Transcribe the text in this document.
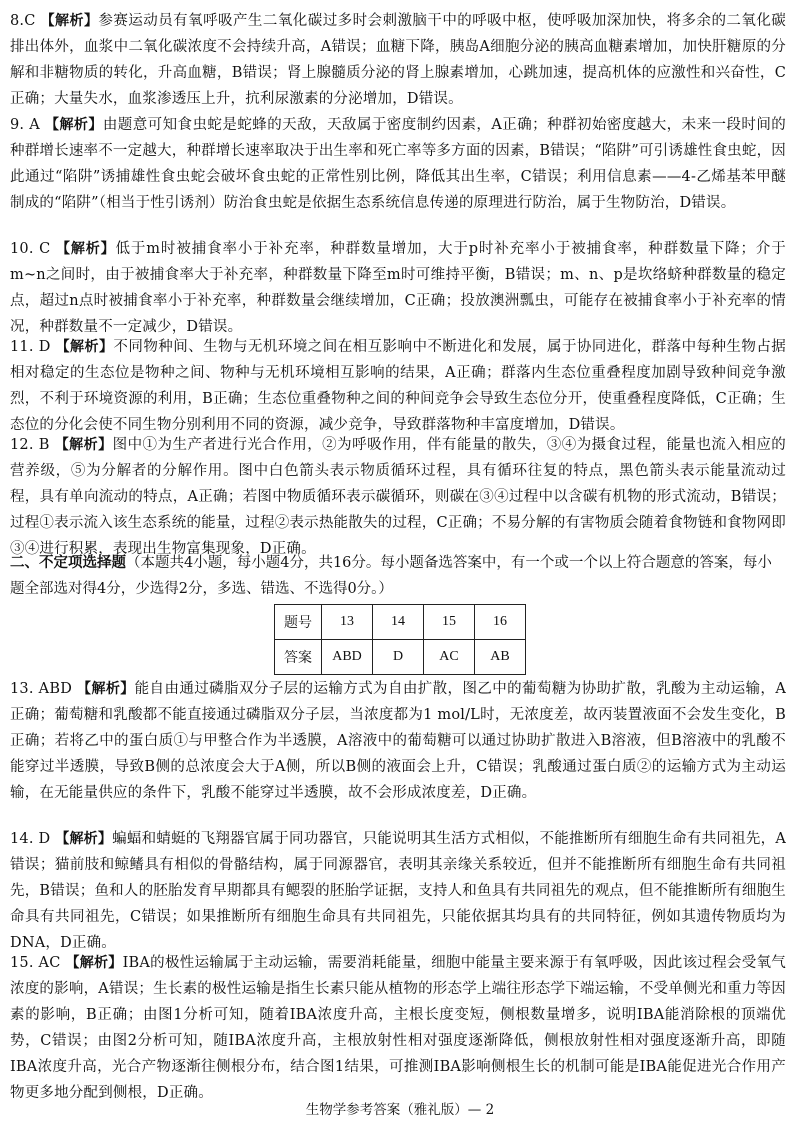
8.C 【解析】参赛运动员有氧呼吸产生二氧化碳过多时会刺激脑干中的呼吸中枢，使呼吸加深加快，将多余的二氧化碳排出体外，血浆中二氧化碳浓度不会持续升高，A错误；血糖下降，胰岛A细胞分泌的胰高血糖素增加，加快肝糖原的分解和非糖物质的转化，升高血糖，B错误；肾上腺髓质分泌的肾上腺素增加，心跳加速，提高机体的应激性和兴奋性，C正确；大量失水，血浆渗透压上升，抗利尿激素的分泌增加，D错误。
9. A 【解析】由题意可知食虫蛇是蛇蜂的天敌，天敌属于密度制约因素，A正确；种群初始密度越大，未来一段时间的种群增长速率不一定越大，种群增长速率取决于出生率和死亡率等多方面的因素，B错误；“陷阱”可引诱雄性食虫蛇，因此通过“陷阱”诱捕雄性食虫蛇会破坏食虫蛇的正常性别比例，降低其出生率，C错误；利用信息素——4-乙烯基苯甲醚制成的“陷阱”（相当于性引诱剂）防治食虫蛇是依据生态系统信息传递的原理进行防治，属于生物防治，D错误。
10. C 【解析】低于m时被捕食率小于补充率，种群数量增加，大于p时补充率小于被捕食率，种群数量下降；介于m~n之间时，由于被捕食率大于补充率，种群数量下降至m时可维持平衡，B错误；m、n、p是坎络蛴种群数量的稳定点，超过n点时被捕食率小于补充率，种群数量会继续增加，C正确；投放澳洲瓢虫，可能存在被捕食率小于补充率的情况，种群数量不一定减少，D错误。
11. D 【解析】不同物种间、生物与无机环境之间在相互影响中不断进化和发展，属于协同进化，群落中每种生物占据相对稳定的生态位是物种之间、物种与无机环境相互影响的结果，A正确；群落内生态位重叠程度加剧导致种间竞争激烈，不利于环境资源的利用，B正确；生态位重叠物种之间的种间竞争会导致生态位分开，使重叠程度降低，C正确；生态位的分化会使不同生物分别利用不同的资源，减少竞争，导致群落物种丰富度增加，D错误。
12. B 【解析】图中①为生产者进行光合作用，②为呼吸作用，伴有能量的散失，③④为摄食过程，能量也流入相应的营养级，⑤为分解者的分解作用。图中白色箭头表示物质循环过程，具有循环往复的特点，黑色箭头表示能量流动过程，具有单向流动的特点，A正确；若图中物质循环表示碳循环，则碳在③④过程中以含碳有机物的形式流动，B错误；过程①表示流入该生态系统的能量，过程②表示热能散失的过程，C正确；不易分解的有害物质会随着食物链和食物网即③④进行积累，表现出生物富集现象，D正确。
二、不定项选择题（本题共4小题，每小题4分，共16分。每小题备选答案中，有一个或一个以上符合题意的答案，每小题全部选对得4分，少选得2分，多选、错选、不选得0分。）
题号	13	14	15	16
答案	ABD	D	AC	AB
13. ABD 【解析】能自由通过磷脂双分子层的运输方式为自由扩散，图乙中的葡萄糖为协助扩散，乳酸为主动运输，A正确；葡萄糖和乳酸都不能直接通过磷脂双分子层，当浓度都为1 mol/L时，无浓度差，故丙装置液面不会发生变化，B正确；若将乙中的蛋白质①与甲整合作为半透膜，A溶液中的葡萄糖可以通过协助扩散进入B溶液，但B溶液中的乳酸不能穿过半透膜，导致B侧的总浓度会大于A侧，所以B侧的液面会上升，C错误；乳酸通过蛋白质②的运输方式为主动运输，在无能量供应的条件下，乳酸不能穿过半透膜，故不会形成浓度差，D正确。
14. D 【解析】蝙蝠和蜻蜓的飞翔器官属于同功器官，只能说明其生活方式相似，不能推断所有细胞生命有共同祖先，A错误；猫前肢和鲸鳍具有相似的骨骼结构，属于同源器官，表明其亲缘关系较近，但并不能推断所有细胞生命有共同祖先，B错误；鱼和人的胚胎发育早期都具有鳃裂的胚胎学证据，支持人和鱼具有共同祖先的观点，但不能推断所有细胞生命具有共同祖先，C错误；如果推断所有细胞生命具有共同祖先，只能依据其均具有的共同特征，例如其遗传物质均为DNA，D正确。
15. AC 【解析】IBA的极性运输属于主动运输，需要消耗能量，细胞中能量主要来源于有氧呼吸，因此该过程会受氧气浓度的影响，A错误；生长素的极性运输是指生长素只能从植物的形态学上端往形态学下端运输，不受单侧光和重力等因素的影响，B正确；由图1分析可知，随着IBA浓度升高，主根长度变短，侧根数量增多，说明IBA能消除根的顶端优势，C错误；由图2分析可知，随IBA浓度升高，主根放射性相对强度逐渐降低，侧根放射性相对强度逐渐升高，即随IBA浓度升高，光合产物逐渐往侧根分布，结合图1结果，可推测IBA影响侧根生长的机制可能是IBA能促进光合作用产物更多地分配到侧根，D正确。
生物学参考答案（雅礼版）— 2
